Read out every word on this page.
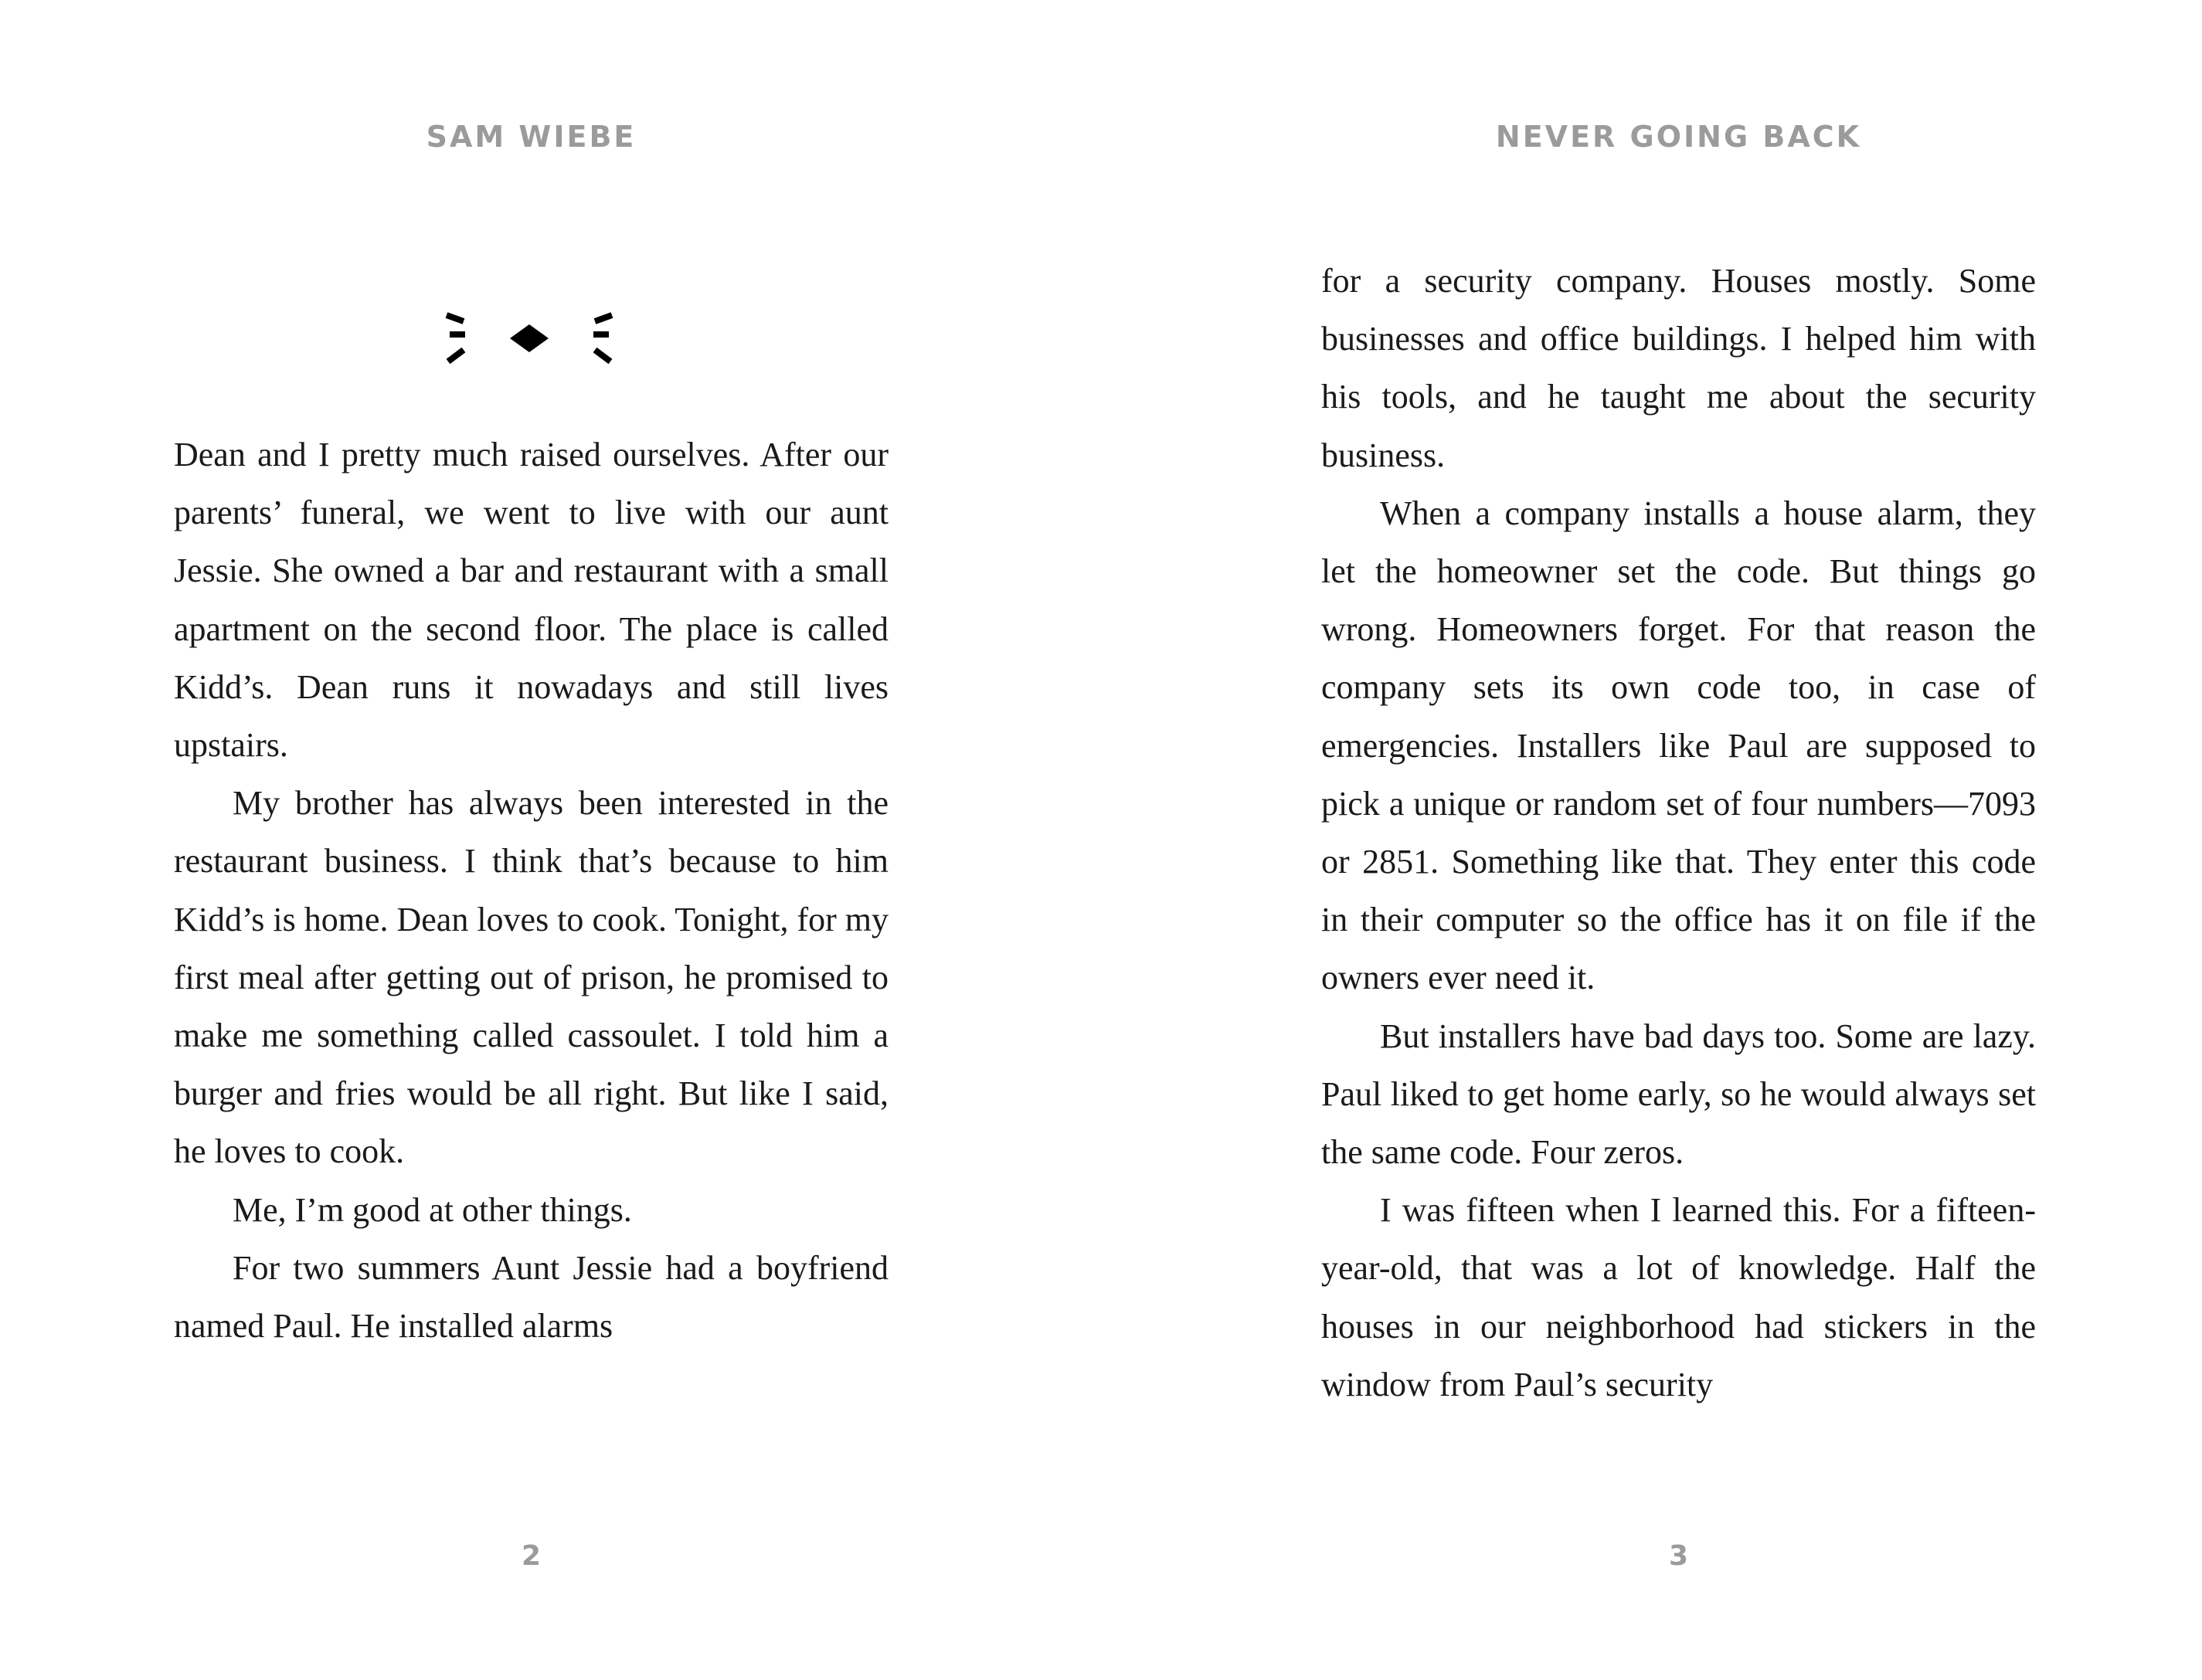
SAM WIEBE

Dean and I pretty much raised ourselves. After our parents’ funeral, we went to live with our aunt Jessie. She owned a bar and restaurant with a small apartment on the second floor. The place is called Kidd’s. Dean runs it nowadays and still lives upstairs.

My brother has always been interested in the restaurant business. I think that’s because to him Kidd’s is home. Dean loves to cook. Tonight, for my first meal after getting out of prison, he promised to make me something called cassoulet. I told him a burger and fries would be all right. But like I said, he loves to cook.

Me, I’m good at other things.

For two summers Aunt Jessie had a boyfriend named Paul. He installed alarms

2
NEVER GOING BACK

for a security company. Houses mostly. Some businesses and office buildings. I helped him with his tools, and he taught me about the security business.

When a company installs a house alarm, they let the homeowner set the code. But things go wrong. Homeowners forget. For that reason the company sets its own code too, in case of emergencies. Installers like Paul are supposed to pick a unique or random set of four numbers—7093 or 2851. Something like that. They enter this code in their computer so the office has it on file if the owners ever need it.

But installers have bad days too. Some are lazy. Paul liked to get home early, so he would always set the same code. Four zeros.

I was fifteen when I learned this. For a fifteen-year-old, that was a lot of knowledge. Half the houses in our neighborhood had stickers in the window from Paul’s security

3
